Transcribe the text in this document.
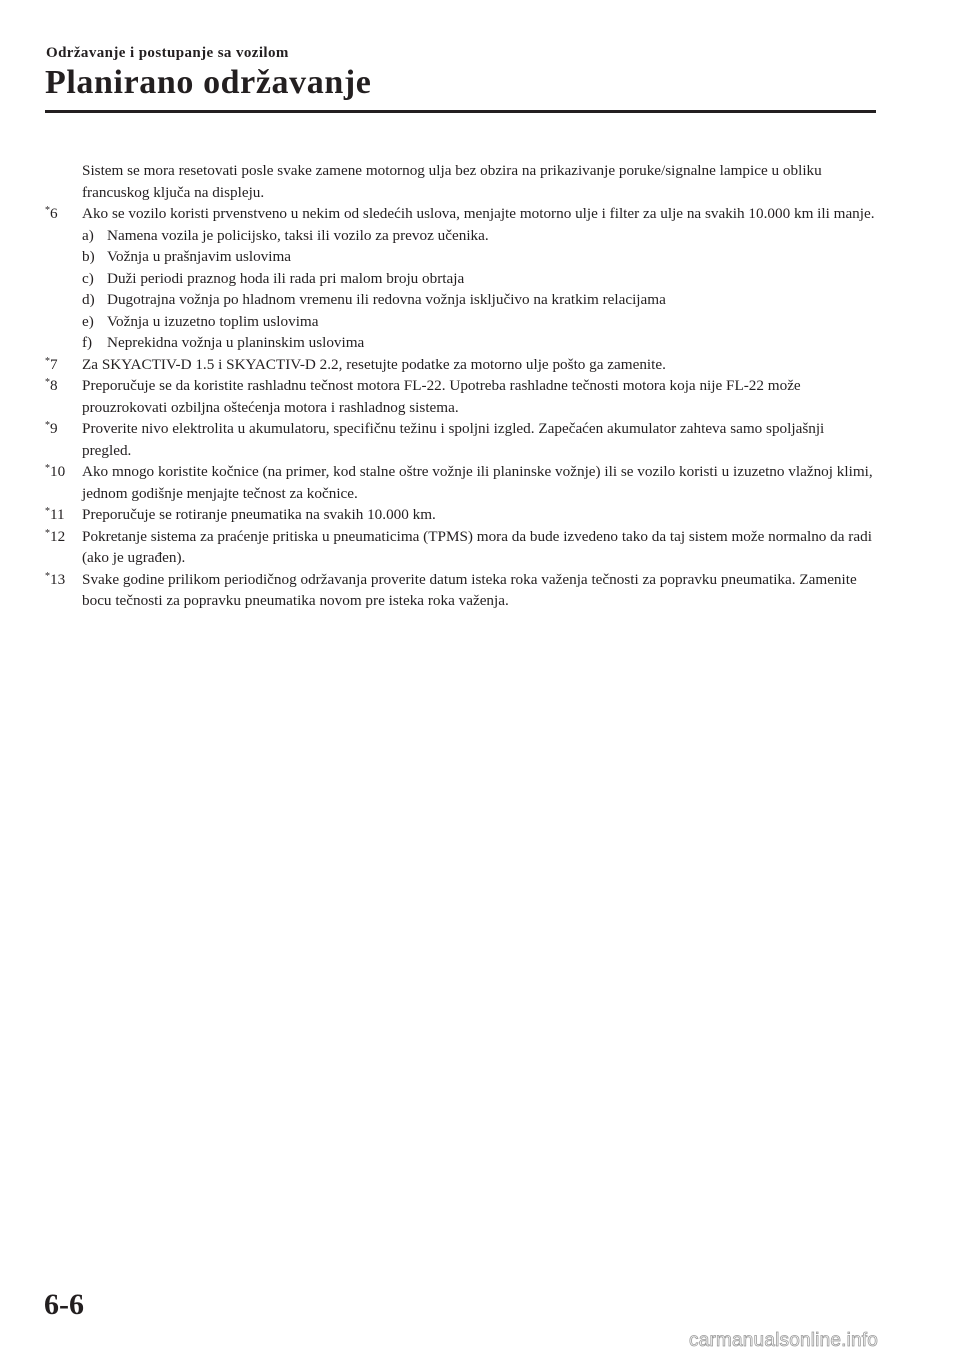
Održavanje i postupanje sa vozilom
Planirano održavanje
Sistem se mora resetovati posle svake zamene motornog ulja bez obzira na prikazivanje poruke/signalne lampice u obliku francuskog ključa na displeju.
*6 Ako se vozilo koristi prvenstveno u nekim od sledećih uslova, menjajte motorno ulje i filter za ulje na svakih 10.000 km ili manje.
a) Namena vozila je policijsko, taksi ili vozilo za prevoz učenika.
b) Vožnja u prašnjavim uslovima
c) Duži periodi praznog hoda ili rada pri malom broju obrtaja
d) Dugotrajna vožnja po hladnom vremenu ili redovna vožnja isključivo na kratkim relacijama
e) Vožnja u izuzetno toplim uslovima
f) Neprekidna vožnja u planinskim uslovima
*7 Za SKYACTIV-D 1.5 i SKYACTIV-D 2.2, resetujte podatke za motorno ulje pošto ga zamenite.
*8 Preporučuje se da koristite rashladnu tečnost motora FL-22. Upotreba rashladne tečnosti motora koja nije FL-22 može prouzrokovati ozbiljna oštećenja motora i rashladnog sistema.
*9 Proverite nivo elektrolita u akumulatoru, specifičnu težinu i spoljni izgled. Zapečaćen akumulator zahteva samo spoljašnji pregled.
*10 Ako mnogo koristite kočnice (na primer, kod stalne oštre vožnje ili planinske vožnje) ili se vozilo koristi u izuzetno vlažnoj klimi, jednom godišnje menjajte tečnost za kočnice.
*11 Preporučuje se rotiranje pneumatika na svakih 10.000 km.
*12 Pokretanje sistema za praćenje pritiska u pneumaticima (TPMS) mora da bude izvedeno tako da taj sistem može normalno da radi (ako je ugrađen).
*13 Svake godine prilikom periodičnog održavanja proverite datum isteka roka važenja tečnosti za popravku pneumatika. Zamenite bocu tečnosti za popravku pneumatika novom pre isteka roka važenja.
6-6
carmanualsonline.info
